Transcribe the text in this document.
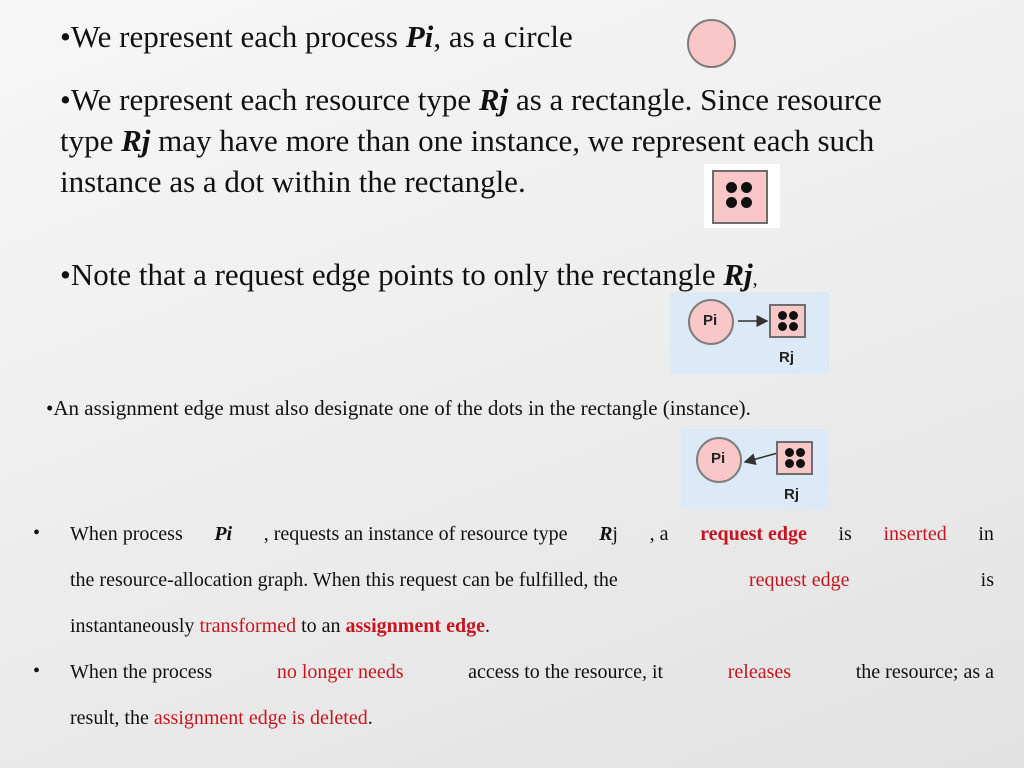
•We represent each process Pi, as a circle

•We represent each resource type Rj as a rectangle. Since resource

type Rj may have more than one instance, we represent each such

instance as a dot within the rectangle.

•Note that a request edge points to only the rectangle Rj,

Pi
Rj

•An assignment edge must also designate one of the dots in the rectangle (instance).

Pi
Rj
• When process Pi , requests an instance of resource type Rj , a request edge is inserted in

the resource-allocation graph. When this request can be fulfilled, the	request edge	is

instantaneously transformed to an assignment edge.

• When the process	no longer needs	access to the resource, it	releases	the resource; as a

result, the assignment edge is deleted.
